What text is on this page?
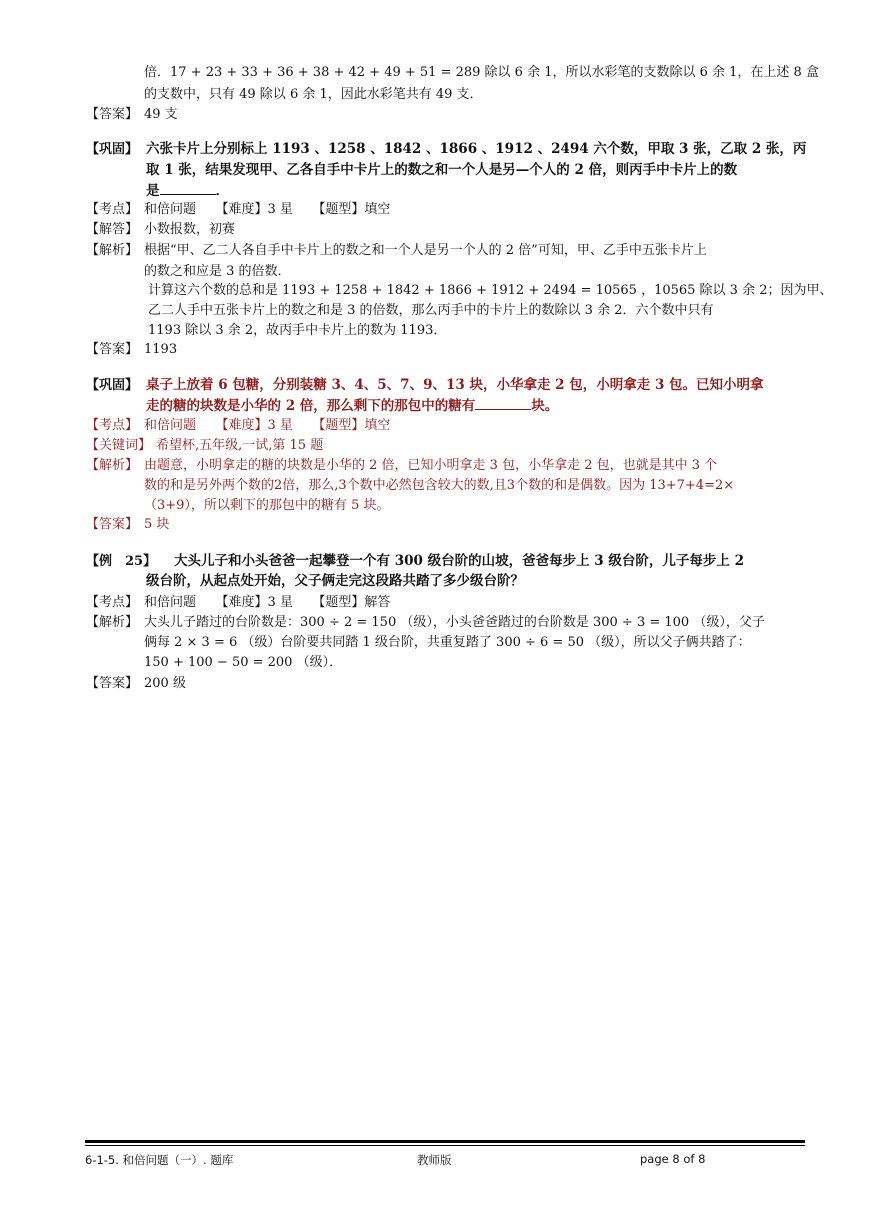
倍．17 + 23 + 33 + 36 + 38 + 42 + 49 + 51 = 289 除以 6 余 1，所以水彩笔的支数除以 6 余 1，在上述 8 盒
的支数中，只有 49 除以 6 余 1，因此水彩笔共有 49 支．
【答案】 49 支
【巩固】 六张卡片上分别标上 1193 、1258 、1842 、1866 、1912 、2494 六个数，甲取 3 张，乙取 2 张，丙
取 1 张，结果发现甲、乙各自手中卡片上的数之和一个人是另—个人的 2 倍，则丙手中卡片上的数
是	．
【考点】 和倍问题　　【难度】3 星　　【题型】填空
【解答】 小数报数，初赛
【解析】 根据“甲、乙二人各自手中卡片上的数之和一个人是另一个人的 2 倍”可知，甲、乙手中五张卡片上
的数之和应是 3 的倍数．
计算这六个数的总和是 1193 + 1258 + 1842 + 1866 + 1912 + 2494 = 10565 ，10565 除以 3 余 2；因为甲、
乙二人手中五张卡片上的数之和是 3 的倍数，那么丙手中的卡片上的数除以 3 余 2．六个数中只有
1193 除以 3 余 2，故丙手中卡片上的数为 1193．
【答案】 1193
【巩固】 桌子上放着 6 包糖，分别装糖 3、4、5、7、9、13 块，小华拿走 2 包，小明拿走 3 包。已知小明拿
走的糖的块数是小华的 2 倍，那么剩下的那包中的糖有	块。
【考点】 和倍问题　　【难度】3 星　　【题型】填空
【关键词】 希望杯,五年级,一试,第 15 题
【解析】 由题意，小明拿走的糖的块数是小华的 2 倍，已知小明拿走 3 包，小华拿走 2 包，也就是其中 3 个
数的和是另外两个数的2倍，那么,3个数中必然包含较大的数,且3个数的和是偶数。因为 13+7+4=2×
（3+9），所以剩下的那包中的糖有 5 块。
【答案】 5 块
【例　25】 大头儿子和小头爸爸一起攀登一个有 300 级台阶的山坡，爸爸每步上 3 级台阶，儿子每步上 2
级台阶，从起点处开始，父子俩走完这段路共踏了多少级台阶？
【考点】 和倍问题　　【难度】3 星　　【题型】解答
【解析】 大头儿子踏过的台阶数是：300 ÷ 2 = 150 （级），小头爸爸踏过的台阶数是 300 ÷ 3 = 100 （级），父子
俩每 2 × 3 = 6 （级）台阶要共同踏 1 级台阶，共重复踏了 300 ÷ 6 = 50 （级），所以父子俩共踏了：
150 + 100 − 50 = 200 （级）．
【答案】 200 级
6-1-5. 和倍问题（一）. 题库	教师版	page 8 of 8
